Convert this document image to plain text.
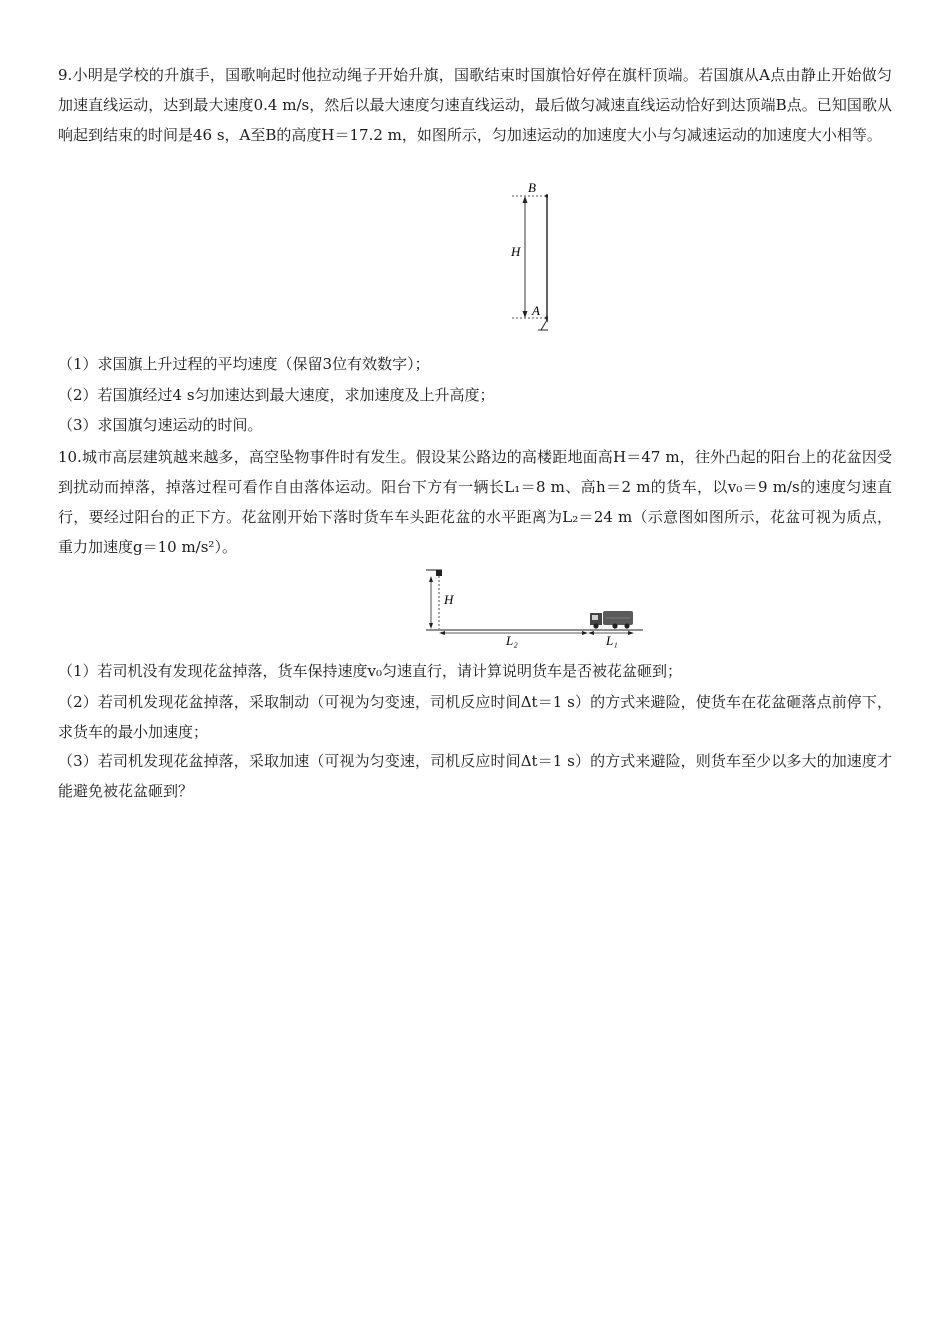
9.小明是学校的升旗手，国歌响起时他拉动绳子开始升旗，国歌结束时国旗恰好停在旗杆顶端。若国旗从A点由静止开始做匀加速直线运动，达到最大速度0.4 m/s，然后以最大速度匀速直线运动，最后做匀减速直线运动恰好到达顶端B点。已知国歌从响起到结束的时间是46 s，A至B的高度H＝17.2 m，如图所示，匀加速运动的加速度大小与匀减速运动的加速度大小相等。

B
H
A

（1）求国旗上升过程的平均速度（保留3位有效数字）；

（2）若国旗经过4 s匀加速达到最大速度，求加速度及上升高度；

（3）求国旗匀速运动的时间。

10.城市高层建筑越来越多，高空坠物事件时有发生。假设某公路边的高楼距地面高H＝47 m，往外凸起的阳台上的花盆因受到扰动而掉落，掉落过程可看作自由落体运动。阳台下方有一辆长L₁＝8 m、高h＝2 m的货车，以v₀＝9 m/s的速度匀速直行，要经过阳台的正下方。花盆刚开始下落时货车车头距花盆的水平距离为L₂＝24 m（示意图如图所示，花盆可视为质点，重力加速度g＝10 m/s²）。

H
L₂	L₁

（1）若司机没有发现花盆掉落，货车保持速度v₀匀速直行，请计算说明货车是否被花盆砸到；

（2）若司机发现花盆掉落，采取制动（可视为匀变速，司机反应时间Δt＝1 s）的方式来避险，使货车在花盆砸落点前停下，求货车的最小加速度；

（3）若司机发现花盆掉落，采取加速（可视为匀变速，司机反应时间Δt＝1 s）的方式来避险，则货车至少以多大的加速度才能避免被花盆砸到？
